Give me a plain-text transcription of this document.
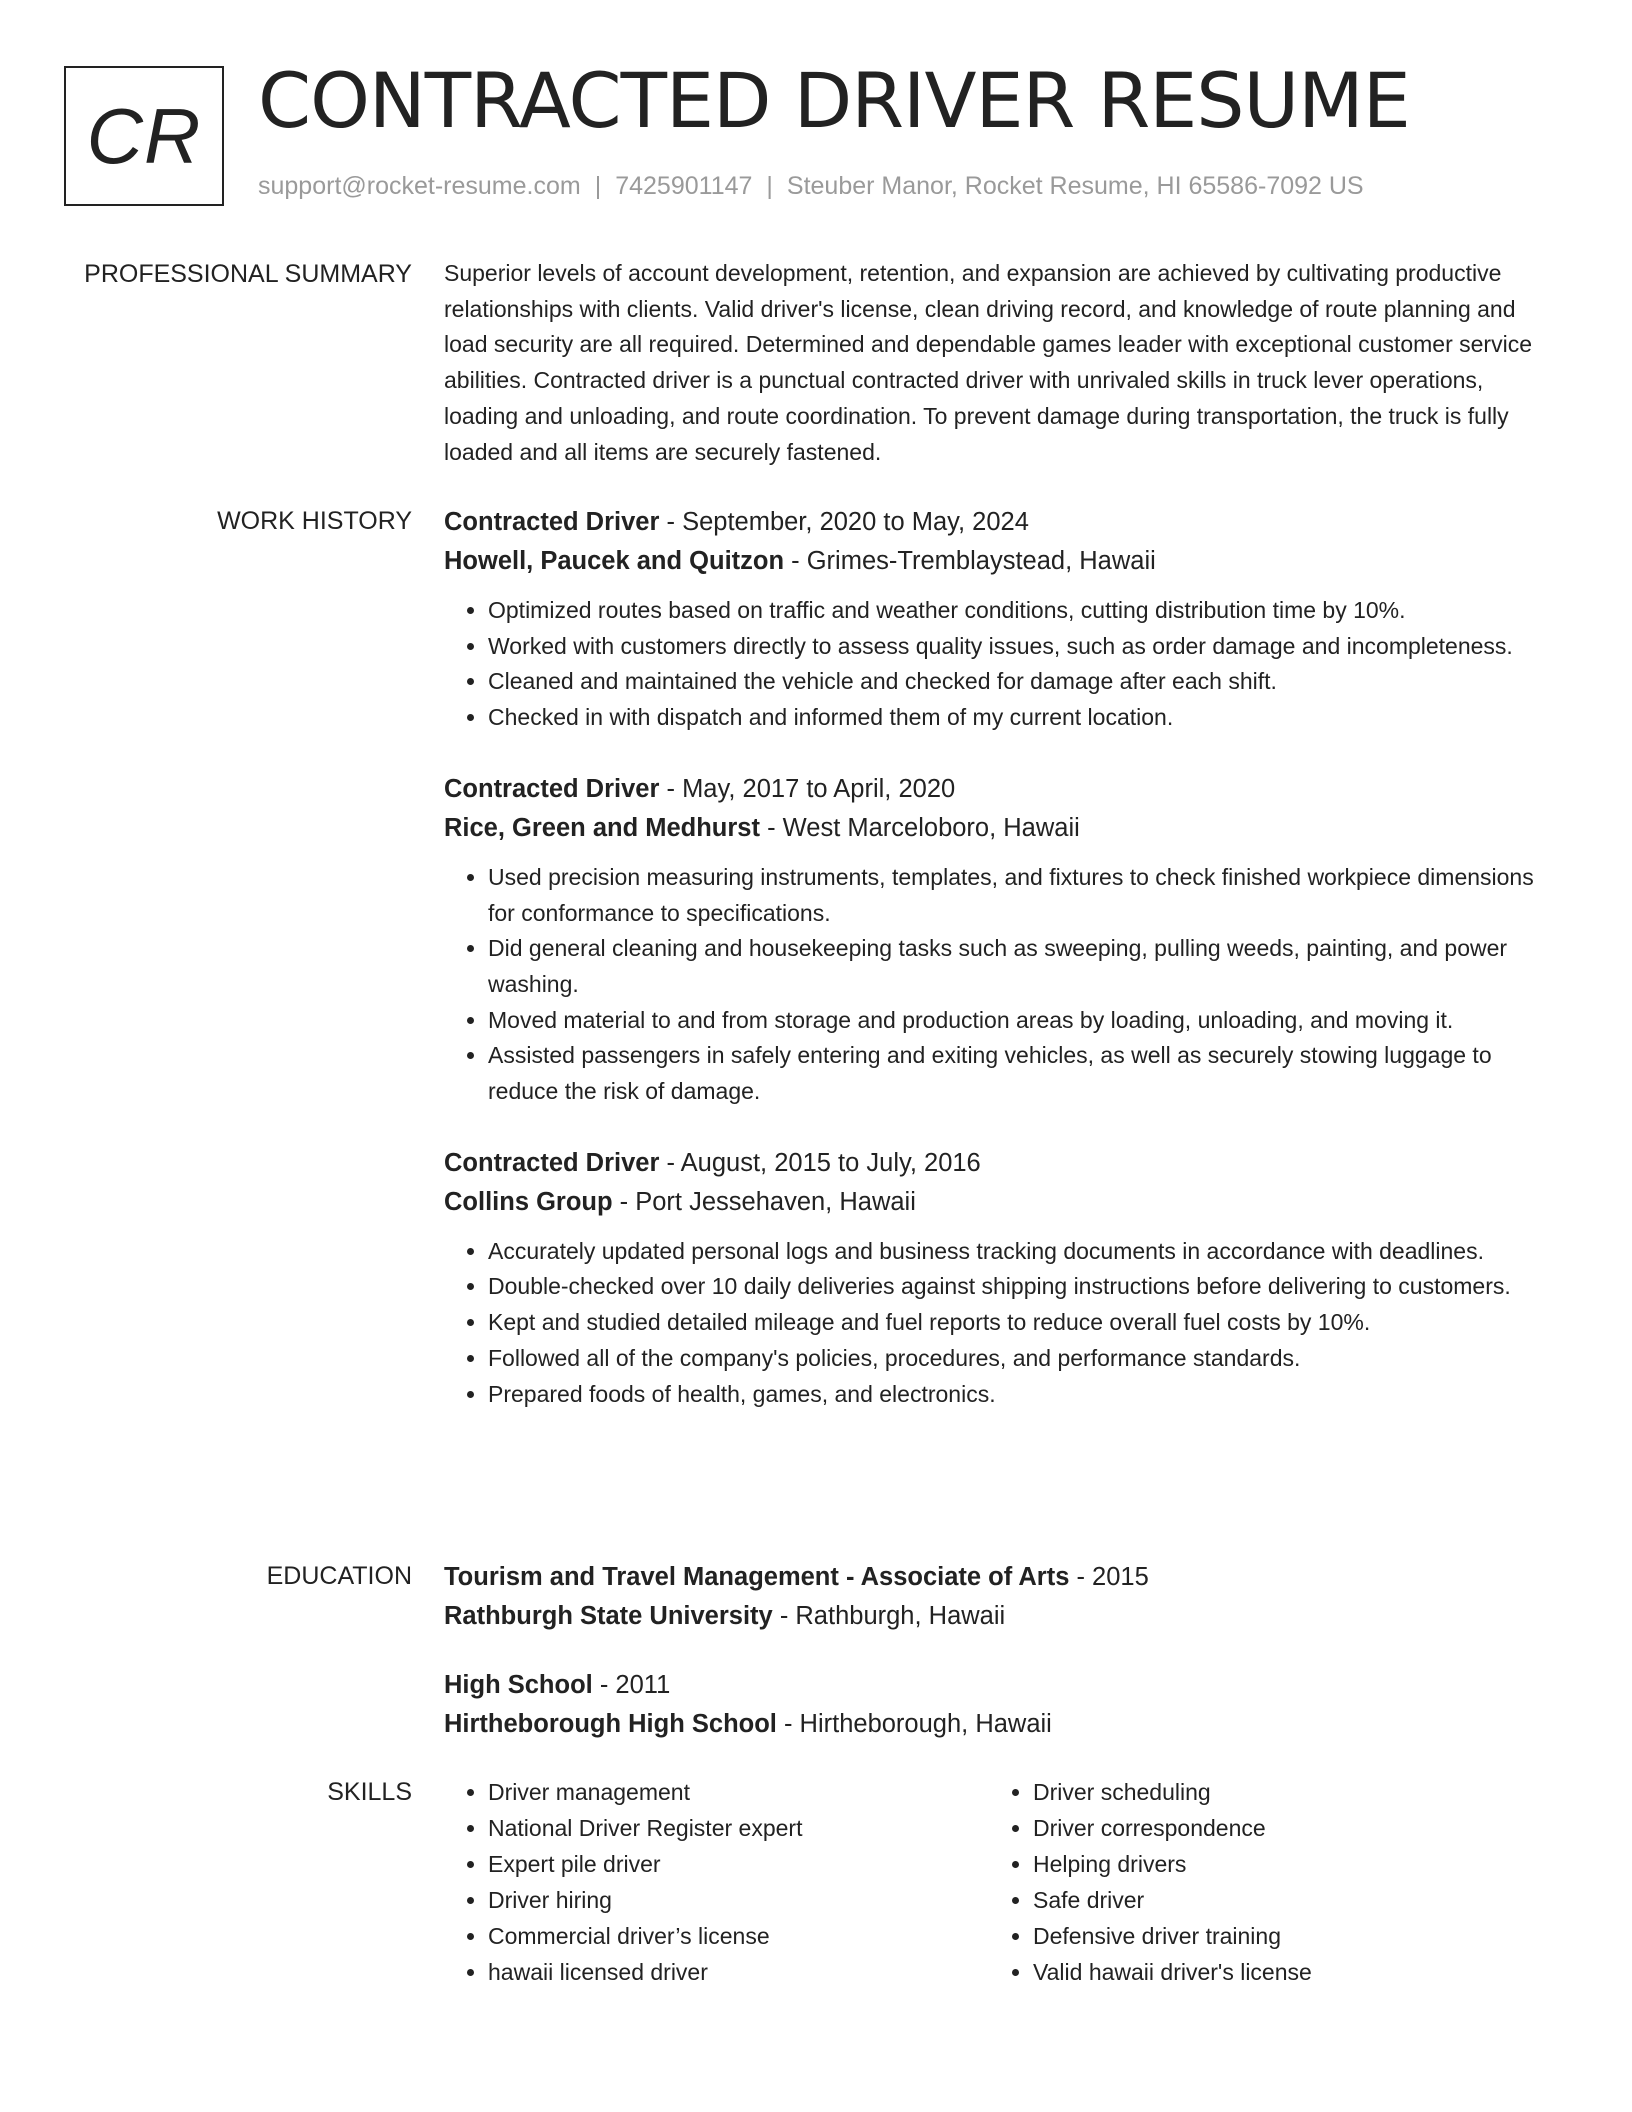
CR CONTRACTED DRIVER RESUME
support@rocket-resume.com | 7425901147 | Steuber Manor, Rocket Resume, HI 65586-7092 US
PROFESSIONAL SUMMARY Superior levels of account development, retention, and expansion are achieved by cultivating productive relationships with clients. Valid driver's license, clean driving record, and knowledge of route planning and load security are all required. Determined and dependable games leader with exceptional customer service abilities. Contracted driver is a punctual contracted driver with unrivaled skills in truck lever operations, loading and unloading, and route coordination. To prevent damage during transportation, the truck is fully loaded and all items are securely fastened.

WORK HISTORY Contracted Driver - September, 2020 to May, 2024
Howell, Paucek and Quitzon - Grimes-Tremblaystead, Hawaii
• Optimized routes based on traffic and weather conditions, cutting distribution time by 10%.
• Worked with customers directly to assess quality issues, such as order damage and incompleteness.
• Cleaned and maintained the vehicle and checked for damage after each shift.
• Checked in with dispatch and informed them of my current location.
Contracted Driver - May, 2017 to April, 2020
Rice, Green and Medhurst - West Marceloboro, Hawaii
• Used precision measuring instruments, templates, and fixtures to check finished workpiece dimensions for conformance to specifications.
• Did general cleaning and housekeeping tasks such as sweeping, pulling weeds, painting, and power washing.
• Moved material to and from storage and production areas by loading, unloading, and moving it.
• Assisted passengers in safely entering and exiting vehicles, as well as securely stowing luggage to reduce the risk of damage.
Contracted Driver - August, 2015 to July, 2016
Collins Group - Port Jessehaven, Hawaii
• Accurately updated personal logs and business tracking documents in accordance with deadlines.
• Double-checked over 10 daily deliveries against shipping instructions before delivering to customers.
• Kept and studied detailed mileage and fuel reports to reduce overall fuel costs by 10%.
• Followed all of the company's policies, procedures, and performance standards.
• Prepared foods of health, games, and electronics.
EDUCATION Tourism and Travel Management - Associate of Arts - 2015
Rathburgh State University - Rathburgh, Hawaii
High School - 2011
Hirtheborough High School - Hirtheborough, Hawaii
SKILLS
•	Driver management
• National Driver Register expert
• Expert pile driver
• Driver hiring
• Commercial driver’s license
• hawaii licensed driver
• Driver scheduling
• Driver correspondence
• Helping drivers
• Safe driver
• Defensive driver training
• Valid hawaii driver's license
